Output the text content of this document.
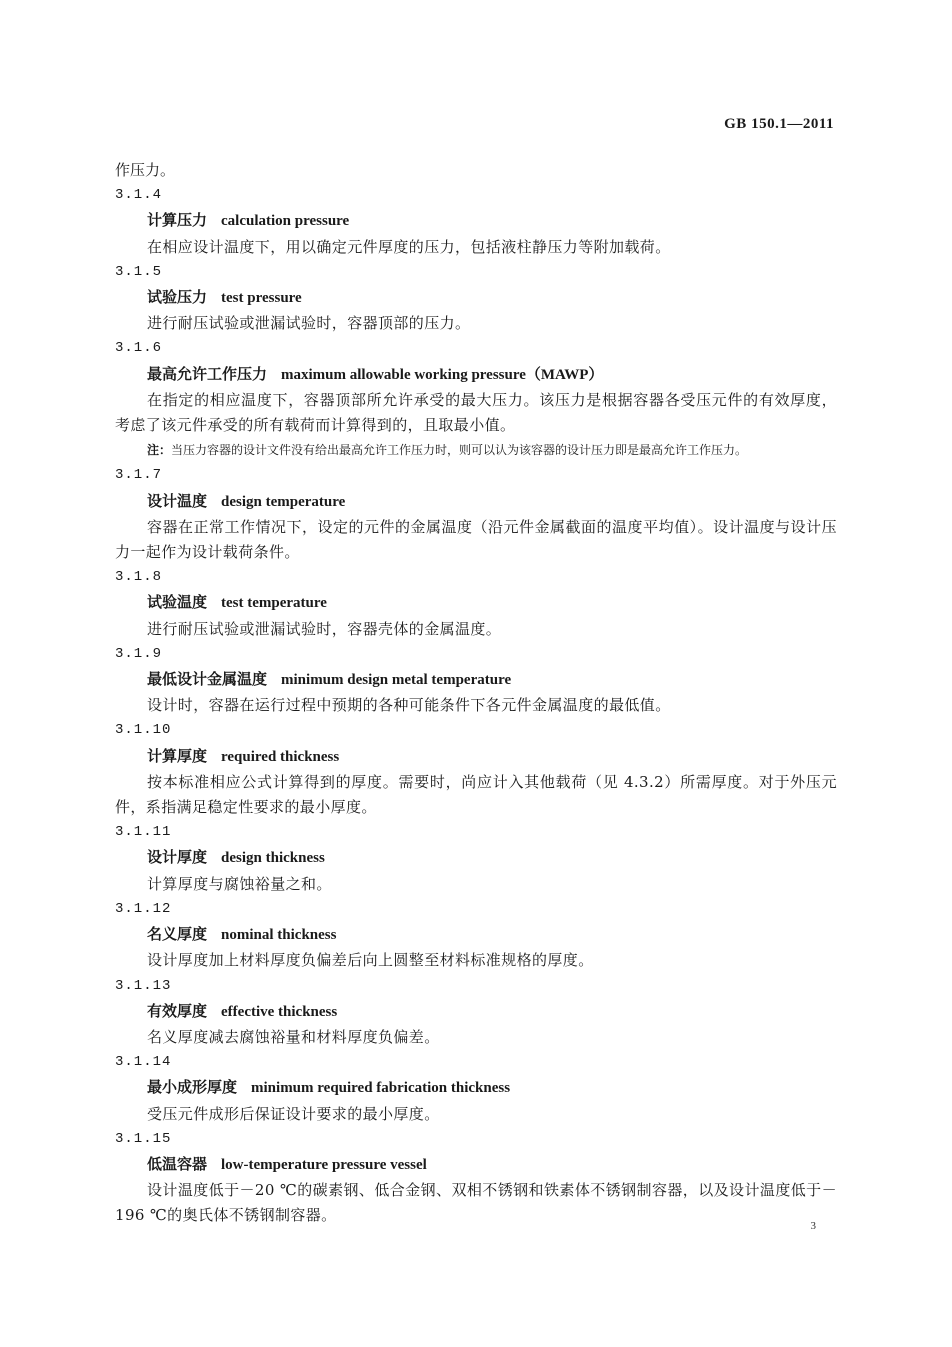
GB 150.1—2011
作压力。
3.1.4
计算压力 calculation pressure
在相应设计温度下，用以确定元件厚度的压力，包括液柱静压力等附加载荷。
3.1.5
试验压力 test pressure
进行耐压试验或泄漏试验时，容器顶部的压力。
3.1.6
最高允许工作压力 maximum allowable working pressure（MAWP）
在指定的相应温度下，容器顶部所允许承受的最大压力。该压力是根据容器各受压元件的有效厚度，考虑了该元件承受的所有载荷而计算得到的，且取最小值。
注：当压力容器的设计文件没有给出最高允许工作压力时，则可以认为该容器的设计压力即是最高允许工作压力。
3.1.7
设计温度 design temperature
容器在正常工作情况下，设定的元件的金属温度（沿元件金属截面的温度平均值）。设计温度与设计压力一起作为设计载荷条件。
3.1.8
试验温度 test temperature
进行耐压试验或泄漏试验时，容器壳体的金属温度。
3.1.9
最低设计金属温度 minimum design metal temperature
设计时，容器在运行过程中预期的各种可能条件下各元件金属温度的最低值。
3.1.10
计算厚度 required thickness
按本标准相应公式计算得到的厚度。需要时，尚应计入其他载荷（见 4.3.2）所需厚度。对于外压元件，系指满足稳定性要求的最小厚度。
3.1.11
设计厚度 design thickness
计算厚度与腐蚀裕量之和。
3.1.12
名义厚度 nominal thickness
设计厚度加上材料厚度负偏差后向上圆整至材料标准规格的厚度。
3.1.13
有效厚度 effective thickness
名义厚度减去腐蚀裕量和材料厚度负偏差。
3.1.14
最小成形厚度 minimum required fabrication thickness
受压元件成形后保证设计要求的最小厚度。
3.1.15
低温容器 low-temperature pressure vessel
设计温度低于－20 ℃的碳素钢、低合金钢、双相不锈钢和铁素体不锈钢制容器，以及设计温度低于－196 ℃的奥氏体不锈钢制容器。
3
